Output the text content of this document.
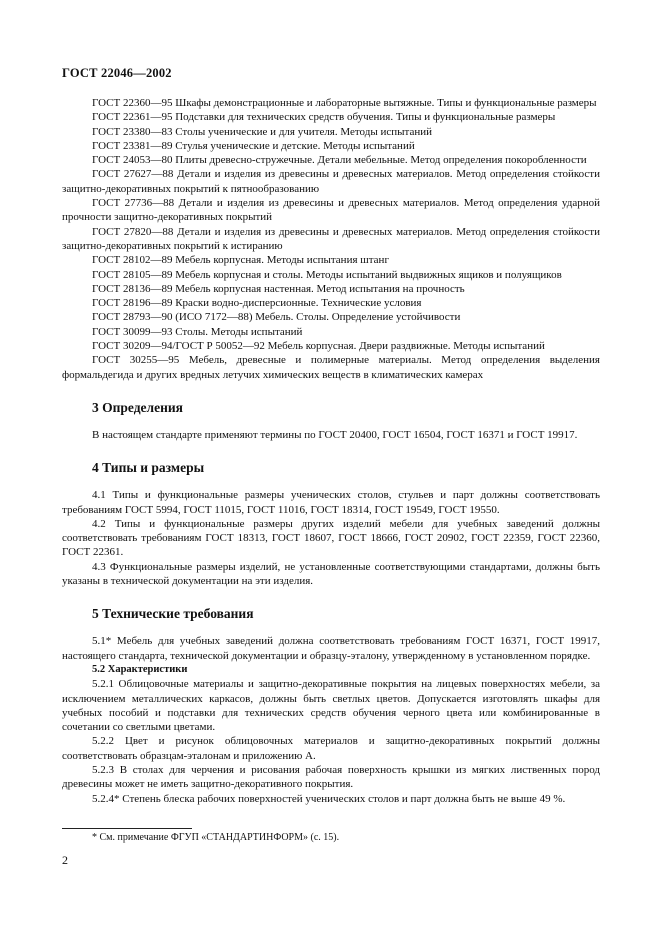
ГОСТ 22046—2002

ГОСТ 22360—95 Шкафы демонстрационные и лабораторные вытяжные. Типы и функциональные размеры

ГОСТ 22361—95 Подставки для технических средств обучения. Типы и функциональные размеры

ГОСТ 23380—83 Столы ученические и для учителя. Методы испытаний

ГОСТ 23381—89 Стулья ученические и детские. Методы испытаний

ГОСТ 24053—80 Плиты древесно-стружечные. Детали мебельные. Метод определения покоробленности

ГОСТ 27627—88 Детали и изделия из древесины и древесных материалов. Метод определения стойкости защитно-декоративных покрытий к пятнообразованию

ГОСТ 27736—88 Детали и изделия из древесины и древесных материалов. Метод определения ударной прочности защитно-декоративных покрытий

ГОСТ 27820—88 Детали и изделия из древесины и древесных материалов. Метод определения стойкости защитно-декоративных покрытий к истиранию

ГОСТ 28102—89 Мебель корпусная. Методы испытания штанг

ГОСТ 28105—89 Мебель корпусная и столы. Методы испытаний выдвижных ящиков и полуящиков

ГОСТ 28136—89 Мебель корпусная настенная. Метод испытания на прочность

ГОСТ 28196—89 Краски водно-дисперсионные. Технические условия

ГОСТ 28793—90 (ИСО 7172—88) Мебель. Столы. Определение устойчивости

ГОСТ 30099—93 Столы. Методы испытаний

ГОСТ 30209—94/ГОСТ Р 50052—92 Мебель корпусная. Двери раздвижные. Методы испытаний

ГОСТ 30255—95 Мебель, древесные и полимерные материалы. Метод определения выделения формальдегида и других вредных летучих химических веществ в климатических камерах

3 Определения

В настоящем стандарте применяют термины по ГОСТ 20400, ГОСТ 16504, ГОСТ 16371 и ГОСТ 19917.

4 Типы и размеры

4.1 Типы и функциональные размеры ученических столов, стульев и парт должны соответствовать требованиям ГОСТ 5994, ГОСТ 11015, ГОСТ 11016, ГОСТ 18314, ГОСТ 19549, ГОСТ 19550.

4.2 Типы и функциональные размеры других изделий мебели для учебных заведений должны соответствовать требованиям ГОСТ 18313, ГОСТ 18607, ГОСТ 18666, ГОСТ 20902, ГОСТ 22359, ГОСТ 22360, ГОСТ 22361.

4.3 Функциональные размеры изделий, не установленные соответствующими стандартами, должны быть указаны в технической документации на эти изделия.

5 Технические требования

5.1* Мебель для учебных заведений должна соответствовать требованиям ГОСТ 16371, ГОСТ 19917, настоящего стандарта, технической документации и образцу-эталону, утвержденному в установленном порядке.

5.2 Характеристики

5.2.1 Облицовочные материалы и защитно-декоративные покрытия на лицевых поверхностях мебели, за исключением металлических каркасов, должны быть светлых цветов. Допускается изготовлять шкафы для учебных пособий и подставки для технических средств обучения черного цвета или комбинированные в сочетании со светлыми цветами.

5.2.2 Цвет и рисунок облицовочных материалов и защитно-декоративных покрытий должны соответствовать образцам-эталонам и приложению А.

5.2.3 В столах для черчения и рисования рабочая поверхность крышки из мягких лиственных пород древесины может не иметь защитно-декоративного покрытия.

5.2.4* Степень блеска рабочих поверхностей ученических столов и парт должна быть не выше 49 %.

* См. примечание ФГУП «СТАНДАРТИНФОРМ» (с. 15).
2
